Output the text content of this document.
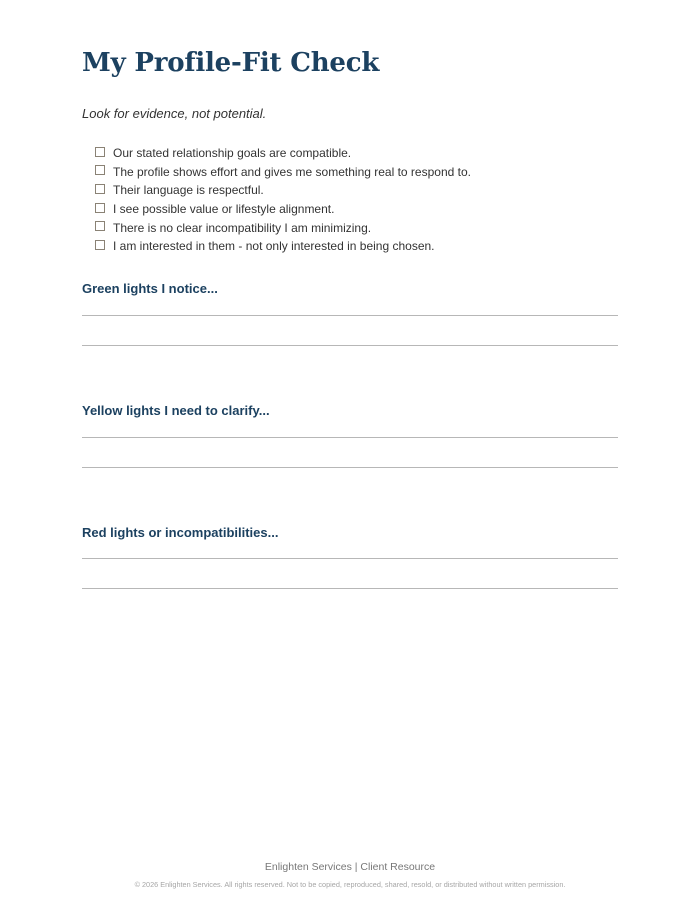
My Profile-Fit Check

Look for evidence, not potential.

Our stated relationship goals are compatible.
The profile shows effort and gives me something real to respond to.
Their language is respectful.
I see possible value or lifestyle alignment.
There is no clear incompatibility I am minimizing.
I am interested in them - not only interested in being chosen.
Green lights I notice...
Yellow lights I need to clarify...
Red lights or incompatibilities...
Enlighten Services | Client Resource
© 2026 Enlighten Services. All rights reserved. Not to be copied, reproduced, shared, resold, or distributed without written permission.
